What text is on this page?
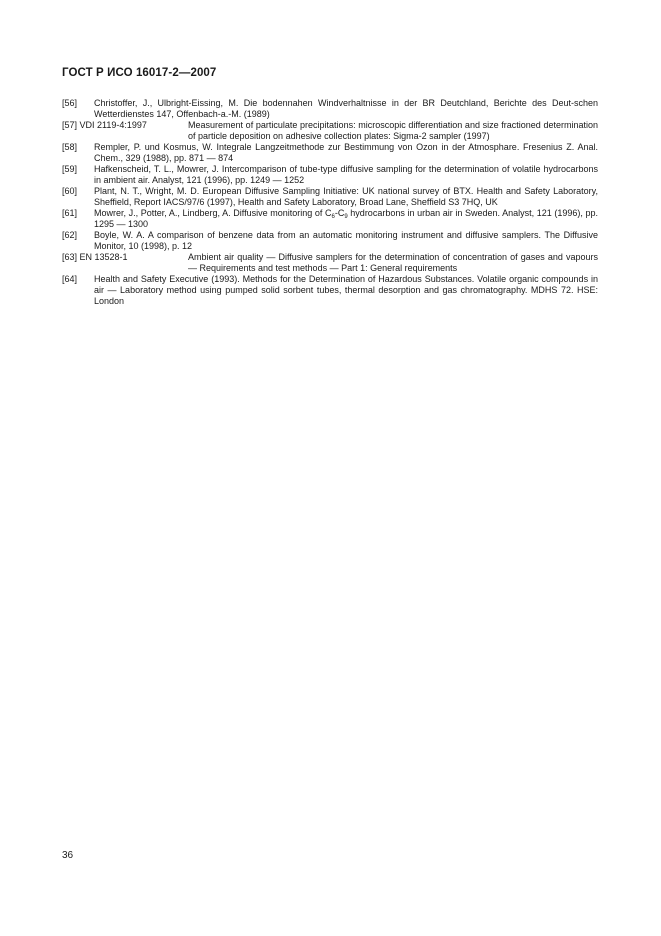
ГОСТ Р ИСО 16017-2—2007
[56]	Christoffer, J., Ulbright-Eissing, M. Die bodennahen Windverhaltnisse in der BR Deutchland, Berichte des Deut-schen Wetterdienstes 147, Offenbach-a.-M. (1989)
[57] VDI 2119-4:1997	Measurement of particulate precipitations: microscopic differentiation and size fractioned determination of particle deposition on adhesive collection plates: Sigma-2 sampler (1997)
[58]	Rempler, P. und Kosmus, W. Integrale Langzeitmethode zur Bestimmung von Ozon in der Atmosphare. Fresenius Z. Anal. Chem., 329 (1988), pp. 871 — 874
[59]	Hafkenscheid, T. L., Mowrer, J. Intercomparison of tube-type diffusive sampling for the determination of volatile hydrocarbons in ambient air. Analyst, 121 (1996), pp. 1249 — 1252
[60]	Plant, N. T., Wright, M. D. European Diffusive Sampling Initiative: UK national survey of BTX. Health and Safety Laboratory, Sheffield, Report IACS/97/6 (1997), Health and Safety Laboratory, Broad Lane, Sheffield S3 7HQ, UK
[61]	Mowrer, J., Potter, A., Lindberg, A. Diffusive monitoring of $C_6-C_9$ hydrocarbons in urban air in Sweden. Analyst, 121 (1996), pp. 1295 — 1300
[62]	Boyle, W. A. A comparison of benzene data from an automatic monitoring instrument and diffusive samplers. The Diffusive Monitor, 10 (1998), p. 12
[63] EN 13528-1	Ambient air quality — Diffusive samplers for the determination of concentration of gases and vapours — Requirements and test methods — Part 1: General requirements
[64]	Health and Safety Executive (1993). Methods for the Determination of Hazardous Substances. Volatile organic compounds in air — Laboratory method using pumped solid sorbent tubes, thermal desorption and gas chromatography. MDHS 72. HSE: London
36
